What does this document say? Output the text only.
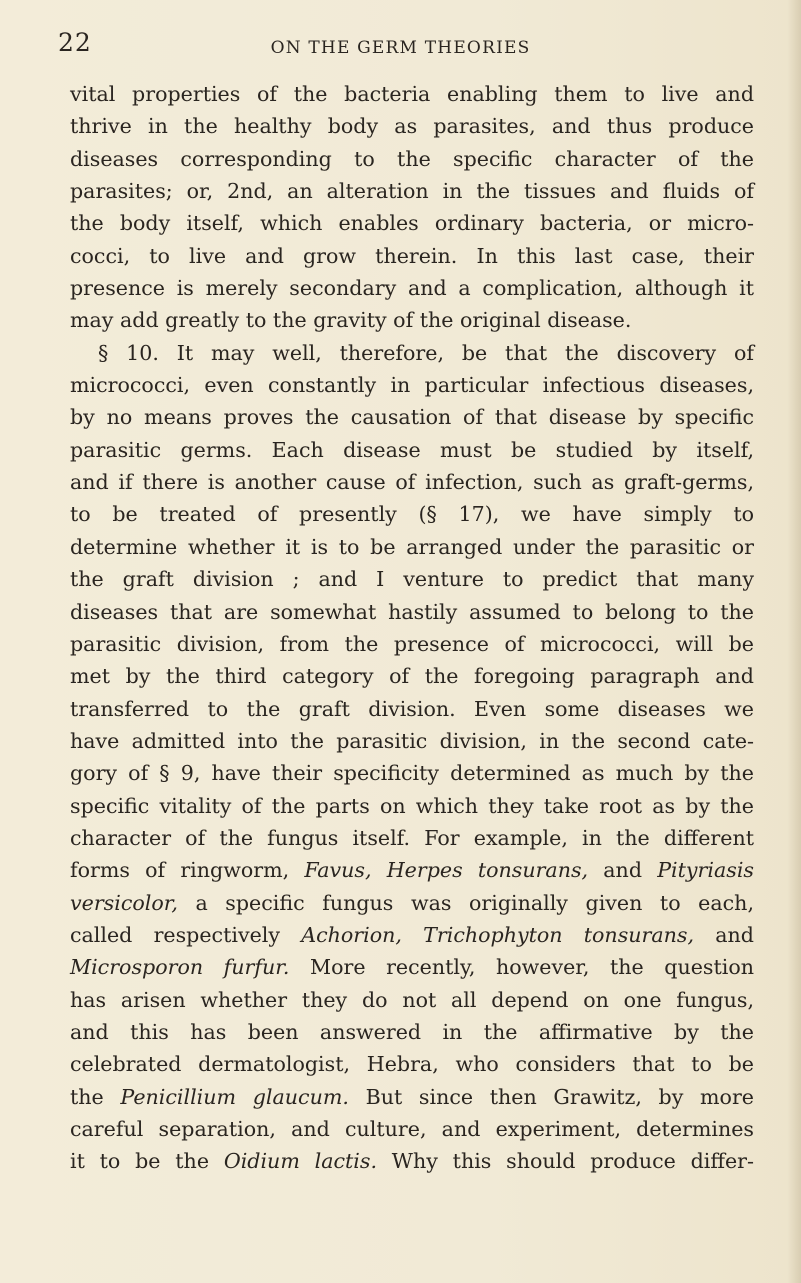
22	ON THE GERM THEORIES
vital properties of the bacteria enabling them to live and
thrive in the healthy body as parasites, and thus produce
diseases corresponding to the specific character of the
parasites; or, 2nd, an alteration in the tissues and fluids of
the body itself, which enables ordinary bacteria, or micro-
cocci, to live and grow therein. In this last case, their
presence is merely secondary and a complication, although it
may add greatly to the gravity of the original disease.
§ 10. It may well, therefore, be that the discovery of
micrococci, even constantly in particular infectious diseases,
by no means proves the causation of that disease by specific
parasitic germs. Each disease must be studied by itself,
and if there is another cause of infection, such as graft-germs,
to be treated of presently (§ 17), we have simply to
determine whether it is to be arranged under the parasitic or
the graft division ; and I venture to predict that many
diseases that are somewhat hastily assumed to belong to the
parasitic division, from the presence of micrococci, will be
met by the third category of the foregoing paragraph and
transferred to the graft division. Even some diseases we
have admitted into the parasitic division, in the second cate-
gory of § 9, have their specificity determined as much by the
specific vitality of the parts on which they take root as by the
character of the fungus itself. For example, in the different
forms of ringworm, Favus, Herpes tonsurans, and Pityriasis
versicolor, a specific fungus was originally given to each,
called respectively Achorion, Trichophyton tonsurans, and
Microsporon furfur. More recently, however, the question
has arisen whether they do not all depend on one fungus,
and this has been answered in the affirmative by the
celebrated dermatologist, Hebra, who considers that to be
the Penicillium glaucum. But since then Grawitz, by more
careful separation, and culture, and experiment, determines
it to be the Oidium lactis. Why this should produce differ-
